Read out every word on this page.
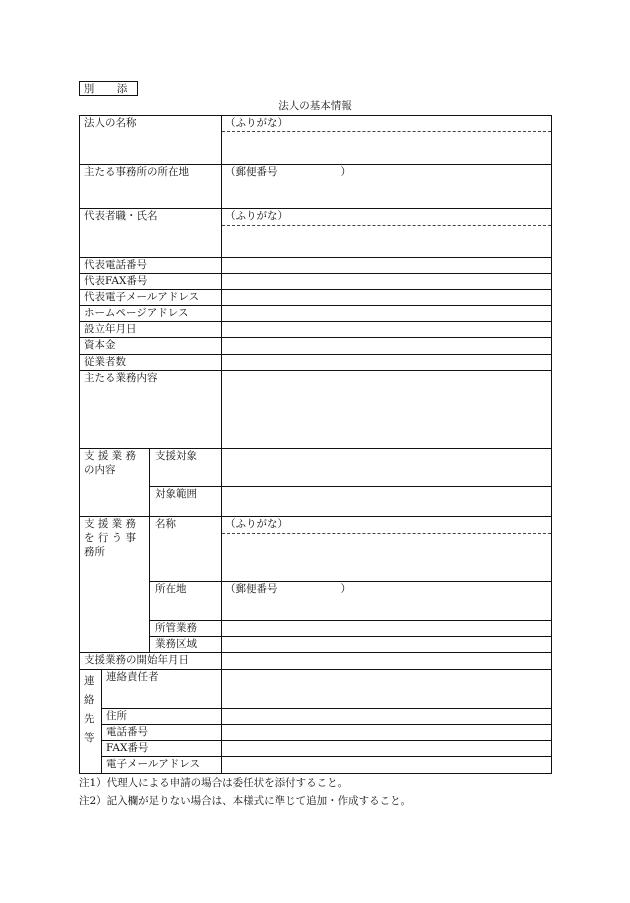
別　添
法人の基本情報
法人の名称
主たる事務所の所在地
代表者職・氏名
代表電話番号
代表FAX番号
代表電子メールアドレス
ホームページアドレス
設立年月日
資本金
従業者数
主たる業務内容
支 援 業 務
の内容
支援対象
対象範囲
支 援 業 務
を 行 う 事
務所
名称
所在地
所管業務
業務区域
支援業務の開始年月日
連
絡
先
等
連絡責任者
住所
電話番号
FAX番号
電子メールアドレス
（ふりがな）
（郵便番号　　　　　　）
（ふりがな）
（ふりがな）
（郵便番号　　　　　　）
注1）代理人による申請の場合は委任状を添付すること。
注2）記入欄が足りない場合は、本様式に準じて追加・作成すること。
